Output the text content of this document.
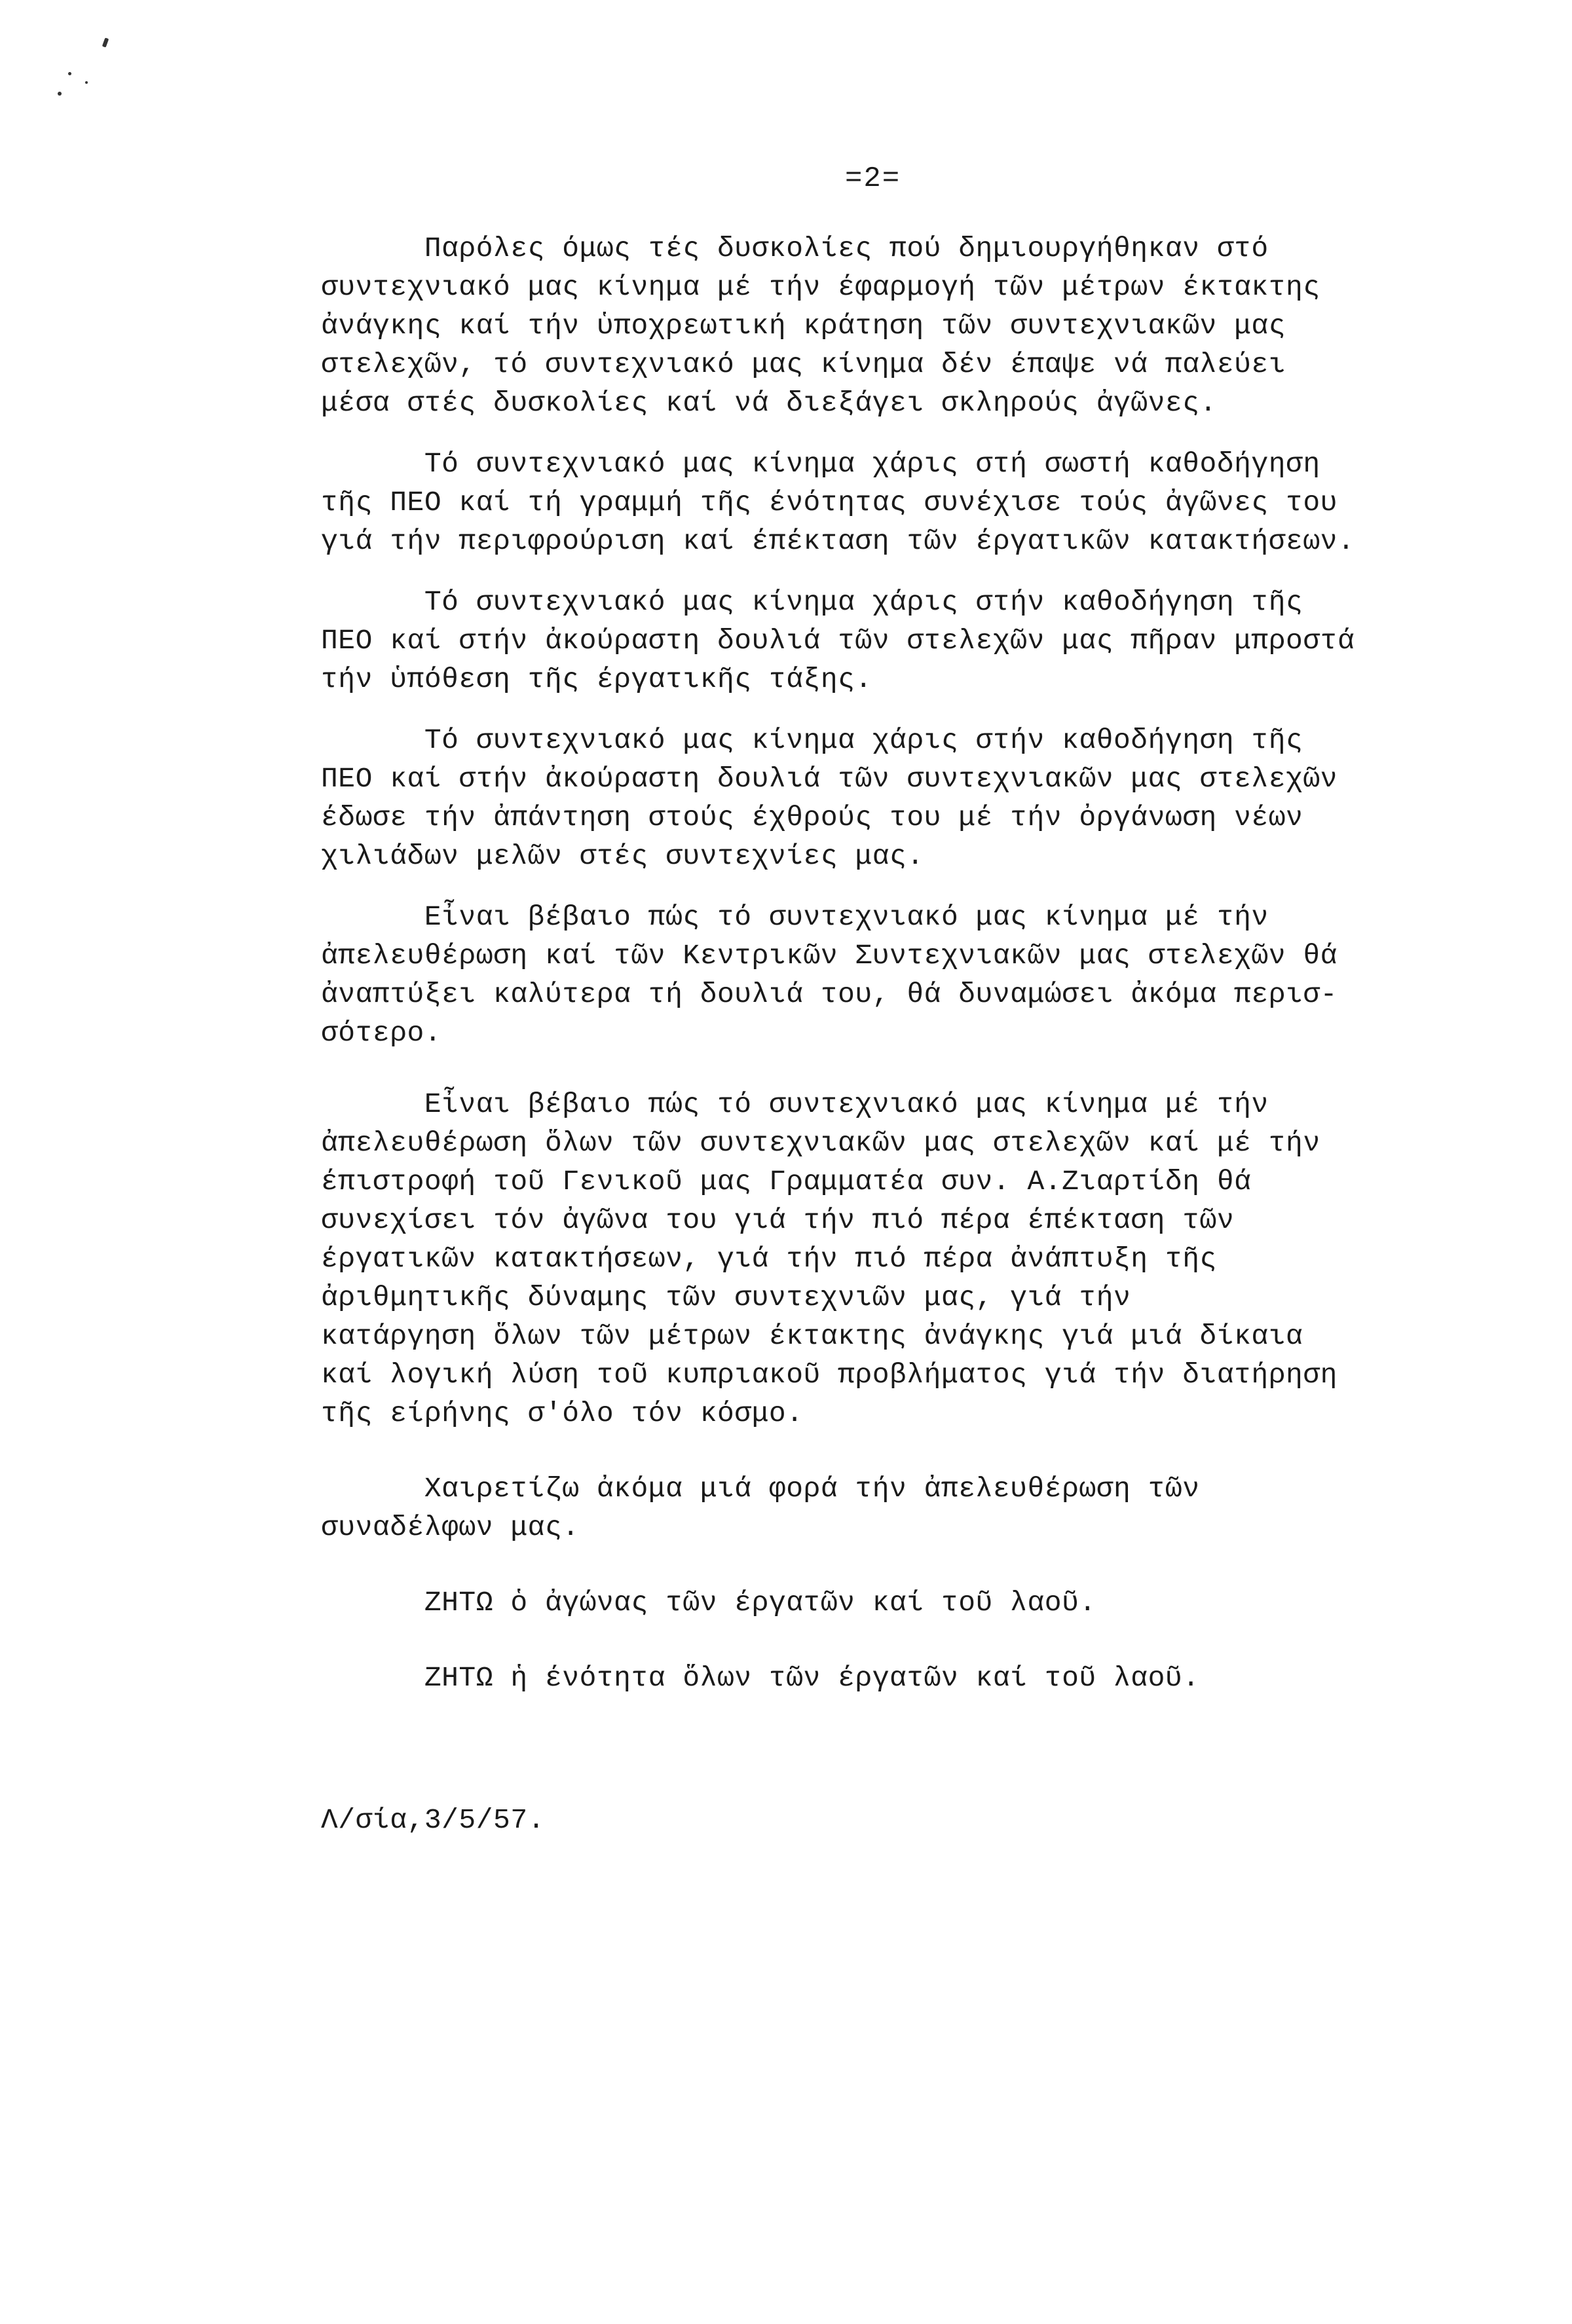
=2=

Παρόλες όμως τές δυσκολίες πού δημιουργήθηκαν στό
συντεχνιακό μας κίνημα μέ τήν έφαρμογή τῶν μέτρων έκτακτης
ἀνάγκης καί τήν ὑποχρεωτική κράτηση τῶν συντεχνιακῶν μας
στελεχῶν, τό συντεχνιακό μας κίνημα δέν έπαψε νά παλεύει
μέσα στές δυσκολίες καί νά διεξάγει σκληρούς ἀγῶνες.

Τό συντεχνιακό μας κίνημα χάρις στή σωστή καθοδήγηση
τῆς ΠΕΟ καί τή γραμμή τῆς ένότητας συνέχισε τούς ἀγῶνες του
γιά τήν περιφρούριση καί έπέκταση τῶν έργατικῶν κατακτήσεων.

Τό συντεχνιακό μας κίνημα χάρις στήν καθοδήγηση τῆς
ΠΕΟ καί στήν ἀκούραστη δουλιά τῶν στελεχῶν μας πῆραν μπροστά
τήν ὑπόθεση τῆς έργατικῆς τάξης.

Τό συντεχνιακό μας κίνημα χάρις στήν καθοδήγηση τῆς
ΠΕΟ καί στήν ἀκούραστη δουλιά τῶν συντεχνιακῶν μας στελεχῶν
έδωσε τήν ἀπάντηση στούς έχθρούς του μέ τήν ὀργάνωση νέων
χιλιάδων μελῶν στές συντεχνίες μας.

Εἶναι βέβαιο πώς τό συντεχνιακό μας κίνημα μέ τήν
ἀπελευθέρωση καί τῶν Κεντρικῶν Συντεχνιακῶν μας στελεχῶν θά
ἀναπτύξει καλύτερα τή δουλιά του, θά δυναμώσει ἀκόμα περισ-
σότερο.

Εἶναι βέβαιο πώς τό συντεχνιακό μας κίνημα μέ τήν
ἀπελευθέρωση ὅλων τῶν συντεχνιακῶν μας στελεχῶν καί μέ τήν
έπιστροφή τοῦ Γενικοῦ μας Γραμματέα συν. Α.Ζιαρτίδη θά
συνεχίσει τόν ἀγῶνα του γιά τήν πιό πέρα έπέκταση τῶν
έργατικῶν κατακτήσεων, γιά τήν πιό πέρα ἀνάπτυξη τῆς
ἀριθμητικῆς δύναμης τῶν συντεχνιῶν μας, γιά τήν
κατάργηση ὅλων τῶν μέτρων έκτακτης ἀνάγκης γιά μιά δίκαια
καί λογική λύση τοῦ κυπριακοῦ προβλήματος γιά τήν διατήρηση
τῆς είρήνης σ'όλο τόν κόσμο.

Χαιρετίζω ἀκόμα μιά φορά τήν ἀπελευθέρωση τῶν
συναδέλφων μας.

ΖΗΤΩ ὁ ἀγώνας τῶν έργατῶν καί τοῦ λαοῦ.

ΖΗΤΩ ἡ ένότητα ὅλων τῶν έργατῶν καί τοῦ λαοῦ.

Λ/σία,3/5/57.
